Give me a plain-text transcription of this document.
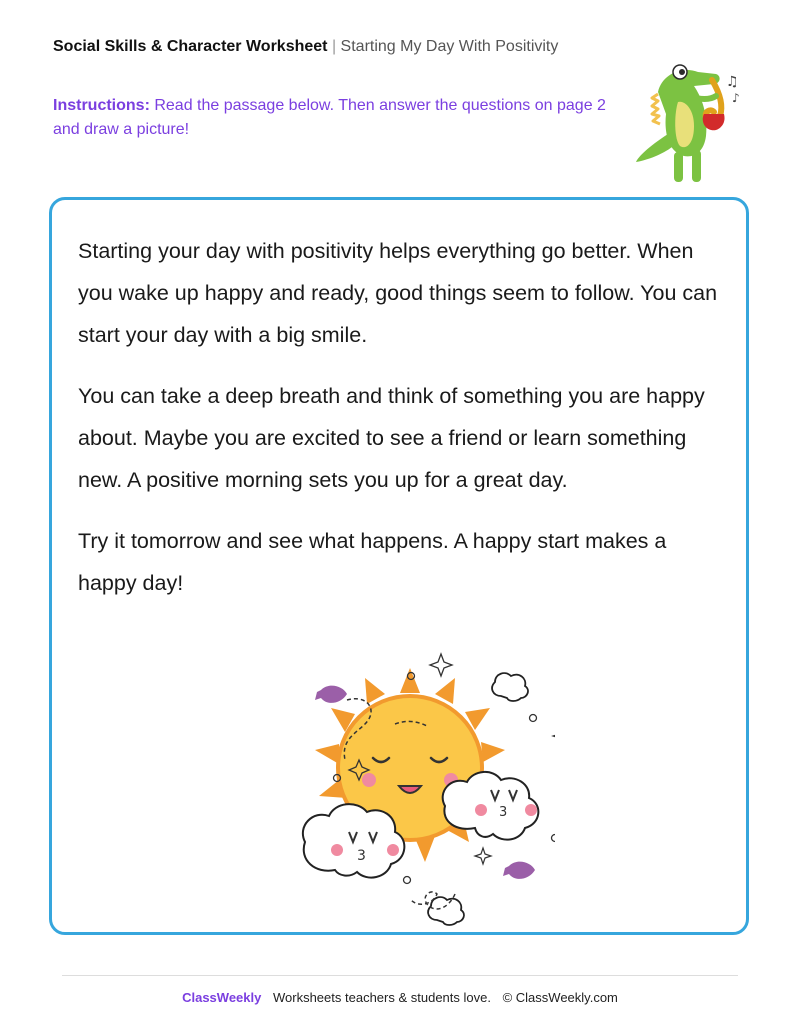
Social Skills & Character Worksheet | Starting My Day With Positivity
Instructions: Read the passage below. Then answer the questions on page 2 and draw a picture!
♫
♪

Starting your day with positivity helps everything go better. When you wake up happy and ready, good things seem to follow. You can start your day with a big smile.

You can take a deep breath and think of something you are happy about. Maybe you are excited to see a friend or learn something new. A positive morning sets you up for a great day.

Try it tomorrow and see what happens. A happy start makes a happy day!

3
3
ClassWeekly Worksheets teachers & students love. © ClassWeekly.com
